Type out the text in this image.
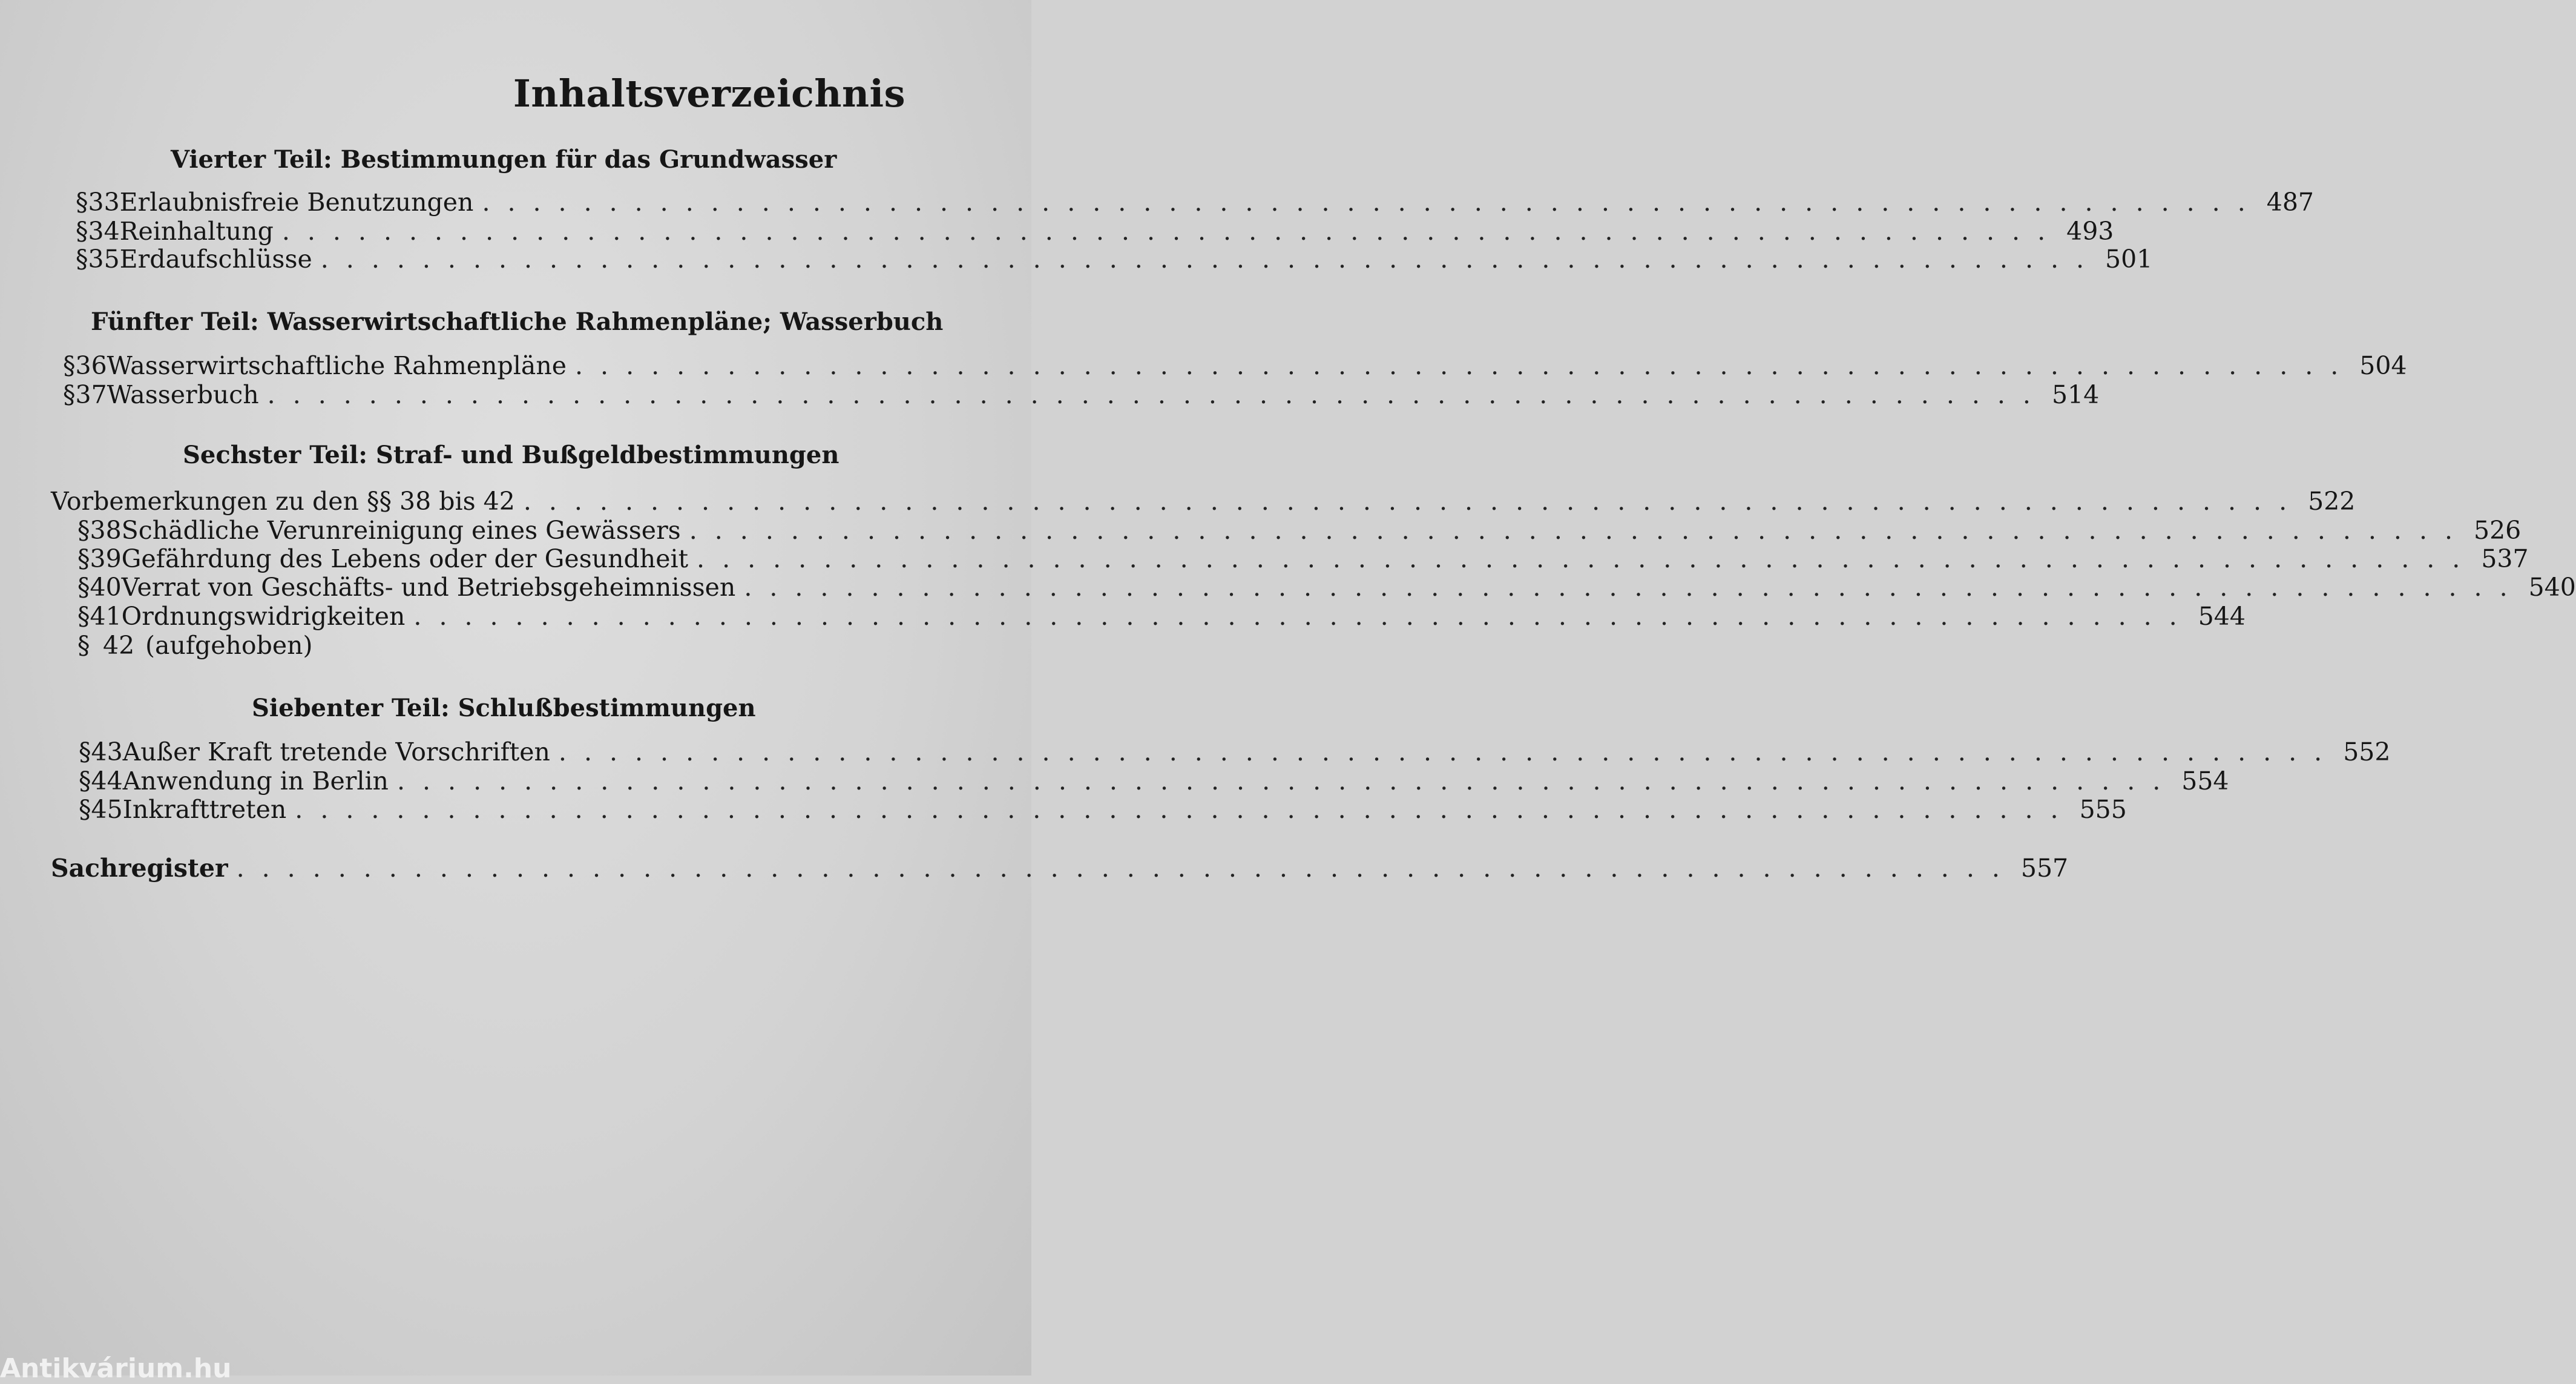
Inhaltsverzeichnis
Vierter Teil: Bestimmungen für das Grundwasser
§ 33 Erlaubnisfreie Benutzungen ...................................................................... 487
§ 34 Reinhaltung ...................................................................... 493
§ 35 Erdaufschlüsse ...................................................................... 501
Fünfter Teil: Wasserwirtschaftliche Rahmenpläne; Wasserbuch
§ 36 Wasserwirtschaftliche Rahmenpläne ...................................................................... 504
§ 37 Wasserbuch ...................................................................... 514
Sechster Teil: Straf- und Bußgeldbestimmungen
Vorbemerkungen zu den §§ 38 bis 42 ...................................................................... 522
§ 38 Schädliche Verunreinigung eines Gewässers ...................................................................... 526
§ 39 Gefährdung des Lebens oder der Gesundheit ...................................................................... 537
§ 40 Verrat von Geschäfts- und Betriebsgeheimnissen ...................................................................... 540
§ 41 Ordnungswidrigkeiten ...................................................................... 544
§ 42 (aufgehoben)
Siebenter Teil: Schlußbestimmungen
§ 43 Außer Kraft tretende Vorschriften ...................................................................... 552
§ 44 Anwendung in Berlin ...................................................................... 554
§ 45 Inkrafttreten ...................................................................... 555
Sachregister ...................................................................... 557
Antikvárium.hu
